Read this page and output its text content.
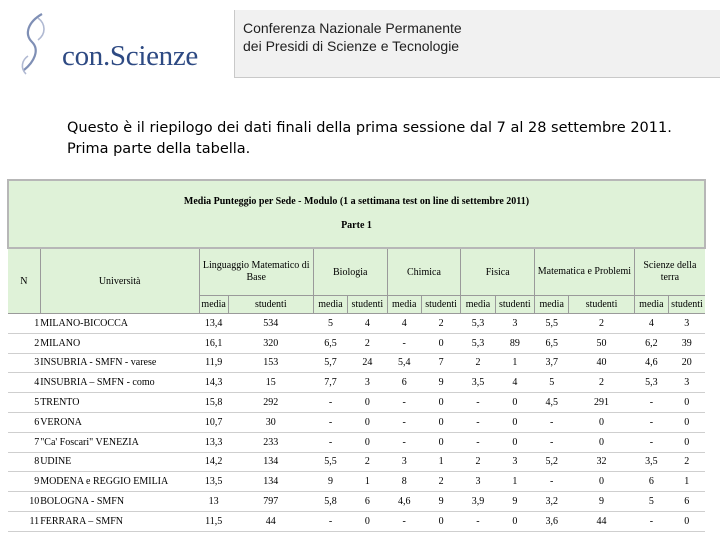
con.Scienze
Conferenza Nazionale Permanente
dei Presidi di Scienze e Tecnologie
Questo è il riepilogo dei dati finali della prima sessione dal 7 al 28 settembre 2011.
Prima parte della tabella.
Media Punteggio per Sede - Modulo (1 a settimana test on line di settembre 2011)
Parte 1													

N	Università	Linguaggio Matematico di Base		Biologia		Chimica		Fisica		Matematica e Problemi		Scienze della terra	
		media	studenti	media	studenti	media	studenti	media	studenti	media	studenti	media	studenti
1	MILANO-BICOCCA	13,4	534	5	4	4	2	5,3	3	5,5	2	4	3
2	MILANO	16,1	320	6,5	2	-	0	5,3	89	6,5	50	6,2	39
3	INSUBRIA - SMFN - varese	11,9	153	5,7	24	5,4	7	2	1	3,7	40	4,6	20
4	INSUBRIA – SMFN - como	14,3	15	7,7	3	6	9	3,5	4	5	2	5,3	3
5	TRENTO	15,8	292	-	0	-	0	-	0	4,5	291	-	0
6	VERONA	10,7	30	-	0	-	0	-	0	-	0	-	0
7	"Ca' Foscari" VENEZIA	13,3	233	-	0	-	0	-	0	-	0	-	0
8	UDINE	14,2	134	5,5	2	3	1	2	3	5,2	32	3,5	2
9	MODENA e REGGIO EMILIA	13,5	134	9	1	8	2	3	1	-	0	6	1
10	BOLOGNA - SMFN	13	797	5,8	6	4,6	9	3,9	9	3,2	9	5	6
11	FERRARA – SMFN	11,5	44	-	0	-	0	-	0	3,6	44	-	0
